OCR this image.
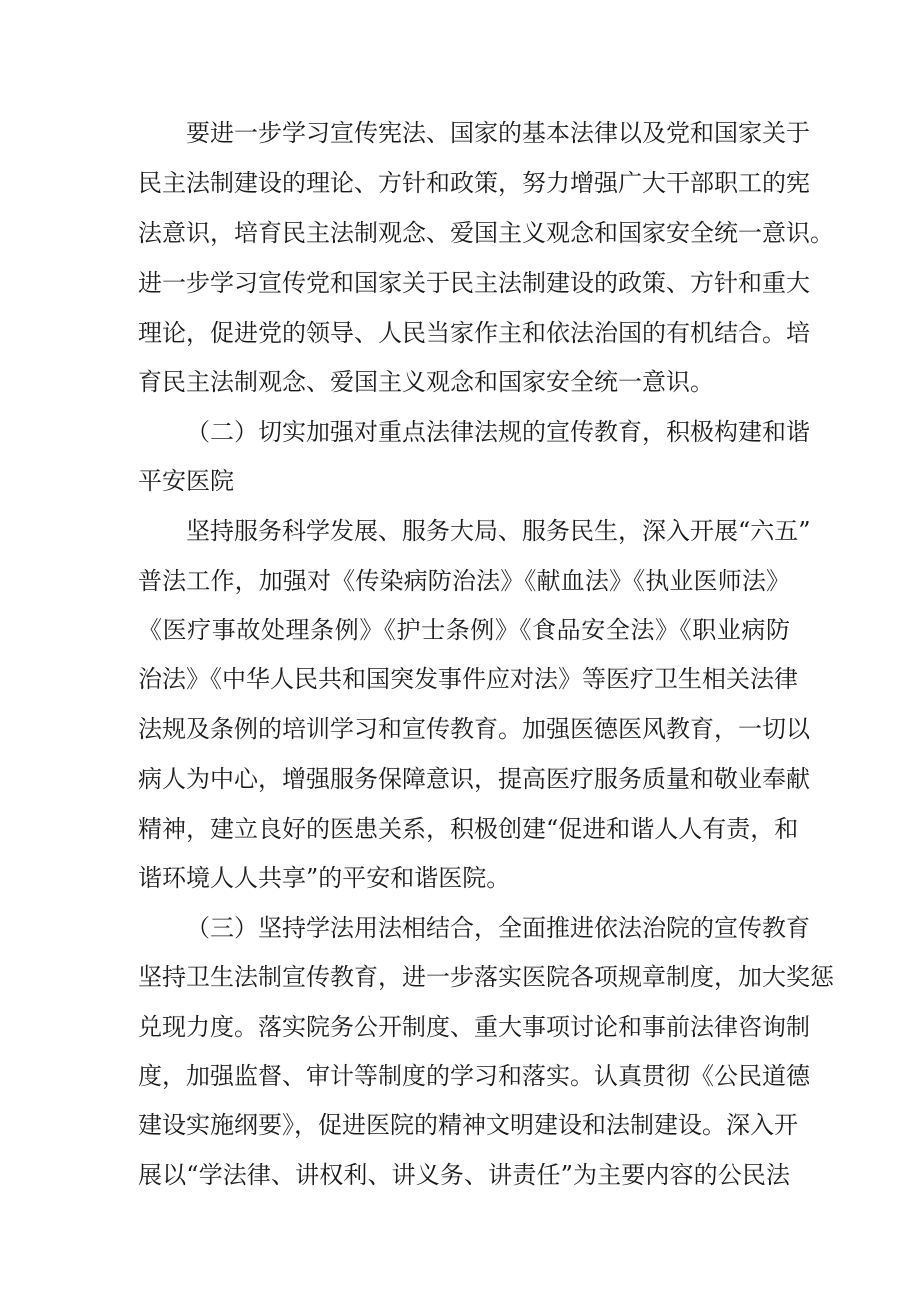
要进一步学习宣传宪法、国家的基本法律以及党和国家关于
民主法制建设的理论、方针和政策，努力增强广大干部职工的宪
法意识，培育民主法制观念、爱国主义观念和国家安全统一意识。
进一步学习宣传党和国家关于民主法制建设的政策、方针和重大
理论，促进党的领导、人民当家作主和依法治国的有机结合。培
育民主法制观念、爱国主义观念和国家安全统一意识。
（二）切实加强对重点法律法规的宣传教育，积极构建和谐
平安医院
坚持服务科学发展、服务大局、服务民生，深入开展“六五”
普法工作，加强对《传染病防治法》《献血法》《执业医师法》
《医疗事故处理条例》《护士条例》《食品安全法》《职业病防
治法》《中华人民共和国突发事件应对法》等医疗卫生相关法律
法规及条例的培训学习和宣传教育。加强医德医风教育，一切以
病人为中心，增强服务保障意识，提高医疗服务质量和敬业奉献
精神，建立良好的医患关系，积极创建“促进和谐人人有责，和
谐环境人人共享”的平安和谐医院。
（三）坚持学法用法相结合，全面推进依法治院的宣传教育
坚持卫生法制宣传教育，进一步落实医院各项规章制度，加大奖惩
兑现力度。落实院务公开制度、重大事项讨论和事前法律咨询制
度，加强监督、审计等制度的学习和落实。认真贯彻《公民道德
建设实施纲要》，促进医院的精神文明建设和法制建设。深入开
展以“学法律、讲权利、讲义务、讲责任”为主要内容的公民法
